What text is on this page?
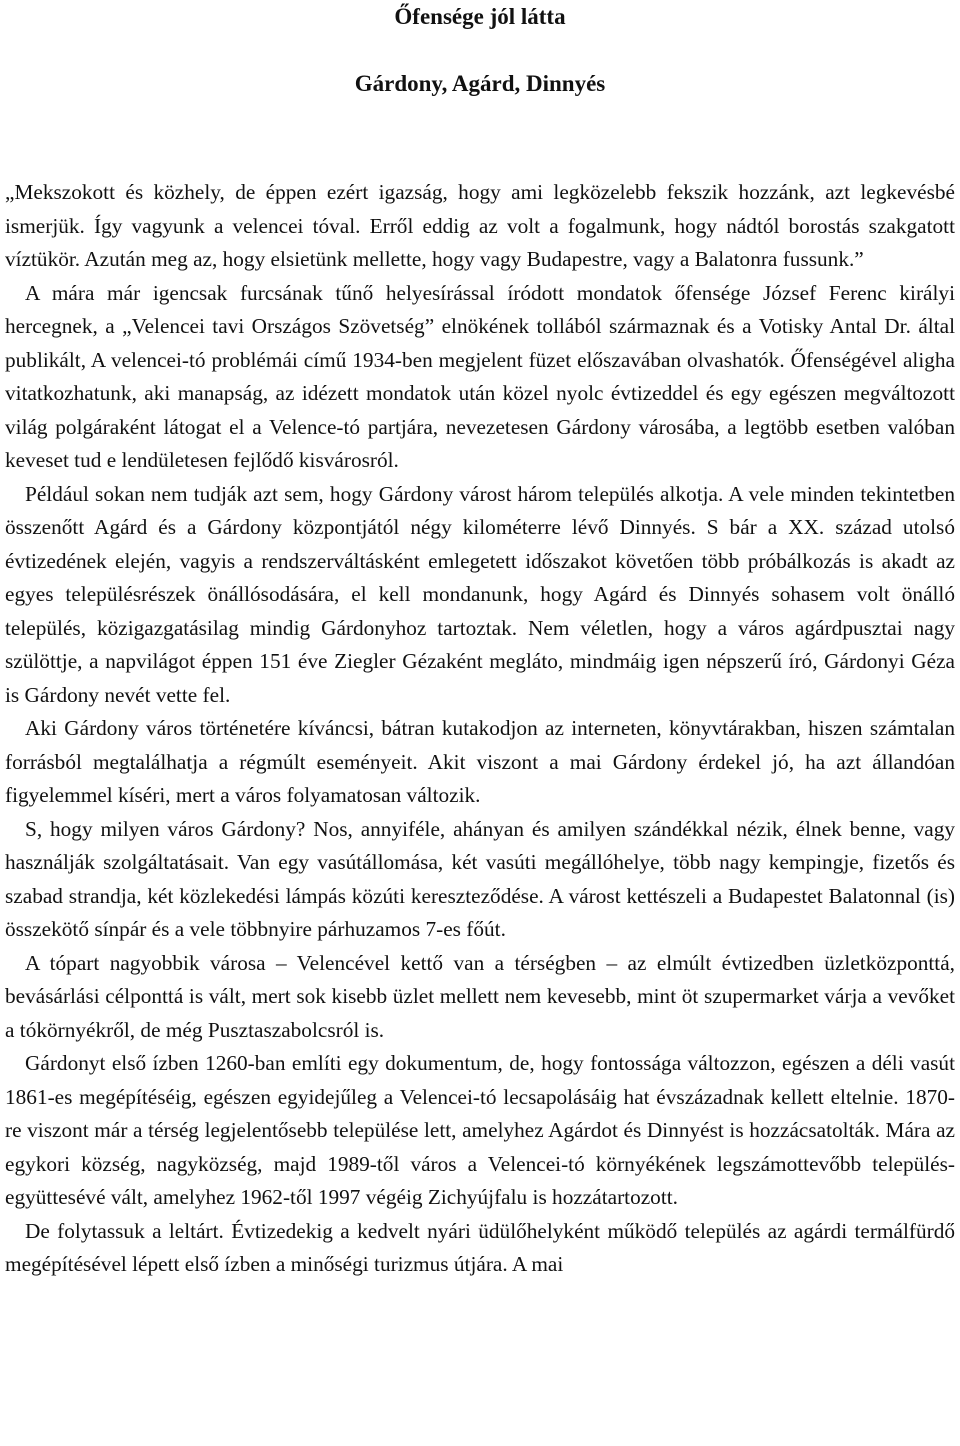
Őfensége jól látta
Gárdony, Agárd, Dinnyés

„Mekszokott és közhely, de éppen ezért igazság, hogy ami legközelebb fekszik hozzánk, azt legkevésbé ismerjük. Így vagyunk a velencei tóval. Erről eddig az volt a fogalmunk, hogy nádtól borostás szakgatott víztükör. Azután meg az, hogy elsietünk mellette, hogy vagy Budapestre, vagy a Balatonra fussunk.”

A mára már igencsak furcsának tűnő helyesírással íródott mondatok őfensége József Ferenc királyi hercegnek, a „Velencei tavi Országos Szövetség” elnökének tollából származnak és a Votisky Antal Dr. által publikált, A velencei-tó problémái című 1934-ben megjelent füzet előszavában olvashatók. Őfenségével aligha vitatkozhatunk, aki manapság, az idézett mondatok után közel nyolc évtizeddel és egy egészen megváltozott világ polgáraként látogat el a Velence-tó partjára, nevezetesen Gárdony városába, a legtöbb esetben valóban keveset tud e lendületesen fejlődő kisvárosról.

Például sokan nem tudják azt sem, hogy Gárdony várost három település alkotja. A vele minden tekintetben összenőtt Agárd és a Gárdony központjától négy kilométerre lévő Dinnyés. S bár a XX. század utolsó évtizedének elején, vagyis a rendszerváltásként emlegetett időszakot követően több próbálkozás is akadt az egyes településrészek önállósodására, el kell mondanunk, hogy Agárd és Dinnyés sohasem volt önálló település, közigazgatásilag mindig Gárdonyhoz tartoztak. Nem véletlen, hogy a város agárdpusztai nagy szülöttje, a napvilágot éppen 151 éve Ziegler Gézaként megláto, mindmáig igen népszerű író, Gárdonyi Géza is Gárdony nevét vette fel.

Aki Gárdony város történetére kíváncsi, bátran kutakodjon az interneten, könyvtárakban, hiszen számtalan forrásból megtalálhatja a régmúlt eseményeit. Akit viszont a mai Gárdony érdekel jó, ha azt állandóan figyelemmel kíséri, mert a város folyamatosan változik.

S, hogy milyen város Gárdony? Nos, annyiféle, ahányan és amilyen szándékkal nézik, élnek benne, vagy használják szolgáltatásait. Van egy vasútállomása, két vasúti megállóhelye, több nagy kempingje, fizetős és szabad strandja, két közlekedési lámpás közúti kereszteződése. A várost kettészeli a Budapestet Balatonnal (is) összekötő sínpár és a vele többnyire párhuzamos 7-es főút.

A tópart nagyobbik városa – Velencével kettő van a térségben – az elmúlt évtizedben üzletközponttá, bevásárlási célponttá is vált, mert sok kisebb üzlet mellett nem kevesebb, mint öt szupermarket várja a vevőket a tókörnyékről, de még Pusztaszabolcsról is.

Gárdonyt első ízben 1260-ban említi egy dokumentum, de, hogy fontossága változzon, egészen a déli vasút 1861-es megépítéséig, egészen egyidejűleg a Velencei-tó lecsapolásáig hat évszázadnak kellett eltelnie. 1870-re viszont már a térség legjelentősebb települése lett, amelyhez Agárdot és Dinnyést is hozzácsatolták. Mára az egykori község, nagyközség, majd 1989-től város a Velencei-tó környékének legszámottevőbb település-együttesévé vált, amelyhez 1962-től 1997 végéig Zichyújfalu is hozzátartozott.

De folytassuk a leltárt. Évtizedekig a kedvelt nyári üdülőhelyként működő település az agárdi termálfürdő megépítésével lépett első ízben a minőségi turizmus útjára. A mai
